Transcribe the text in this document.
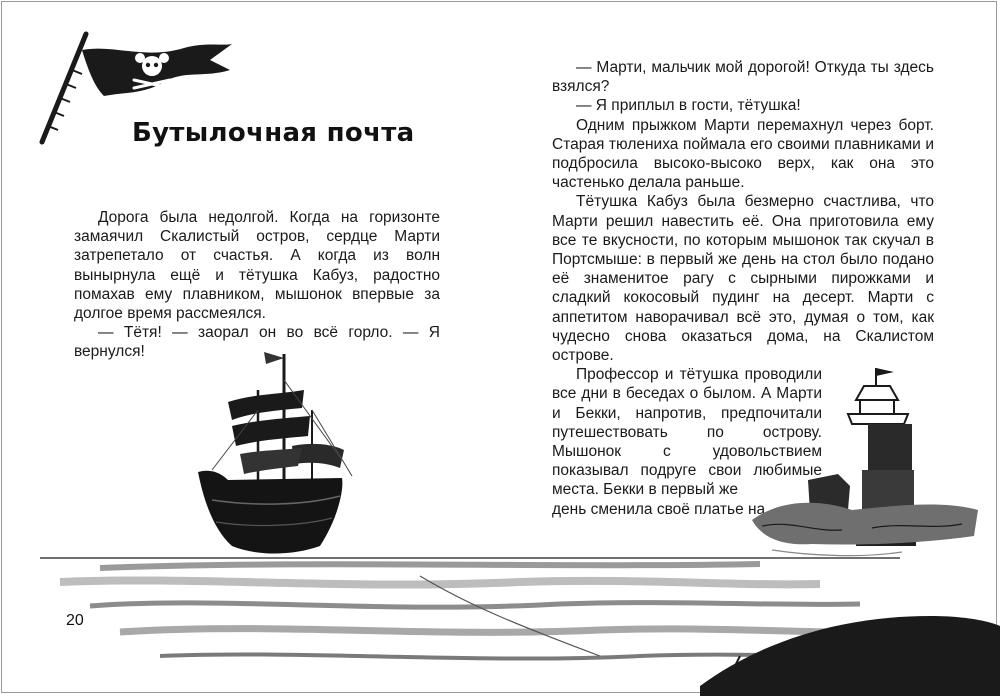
Бутылочная почта

Дорога была недолгой. Когда на горизонте замаячил Скалистый остров, сердце Марти затрепетало от счастья. А когда из волн вынырнула ещё и тётушка Кабуз, радостно помахав ему плавником, мышонок впервые за долгое время рассмеялся.

— Тётя! — заорал он во всё горло. — Я вернулся!

— Марти, мальчик мой дорогой! Откуда ты здесь взялся?

— Я приплыл в гости, тётушка!

Одним прыжком Марти перемахнул через борт. Старая тюлениха поймала его своими плавниками и подбросила высоко-высоко верх, как она это частенько делала раньше.

Тётушка Кабуз была безмерно счастлива, что Марти решил навестить её. Она приготовила ему все те вкусности, по которым мышонок так скучал в Портсмыше: в первый же день на стол было подано её знаменитое рагу с сырными пирожками и сладкий кокосовый пудинг на десерт. Марти с аппетитом наворачивал всё это, думая о том, как чудесно снова оказаться дома, на Скалистом острове.

Профессор и тётушка проводили все дни в беседах о былом. А Марти и Бекки, напротив, предпочитали путешествовать по острову. Мышонок с удовольствием показывал подруге свои любимые места. Бекки в первый же

день сменила своё платье на

20
